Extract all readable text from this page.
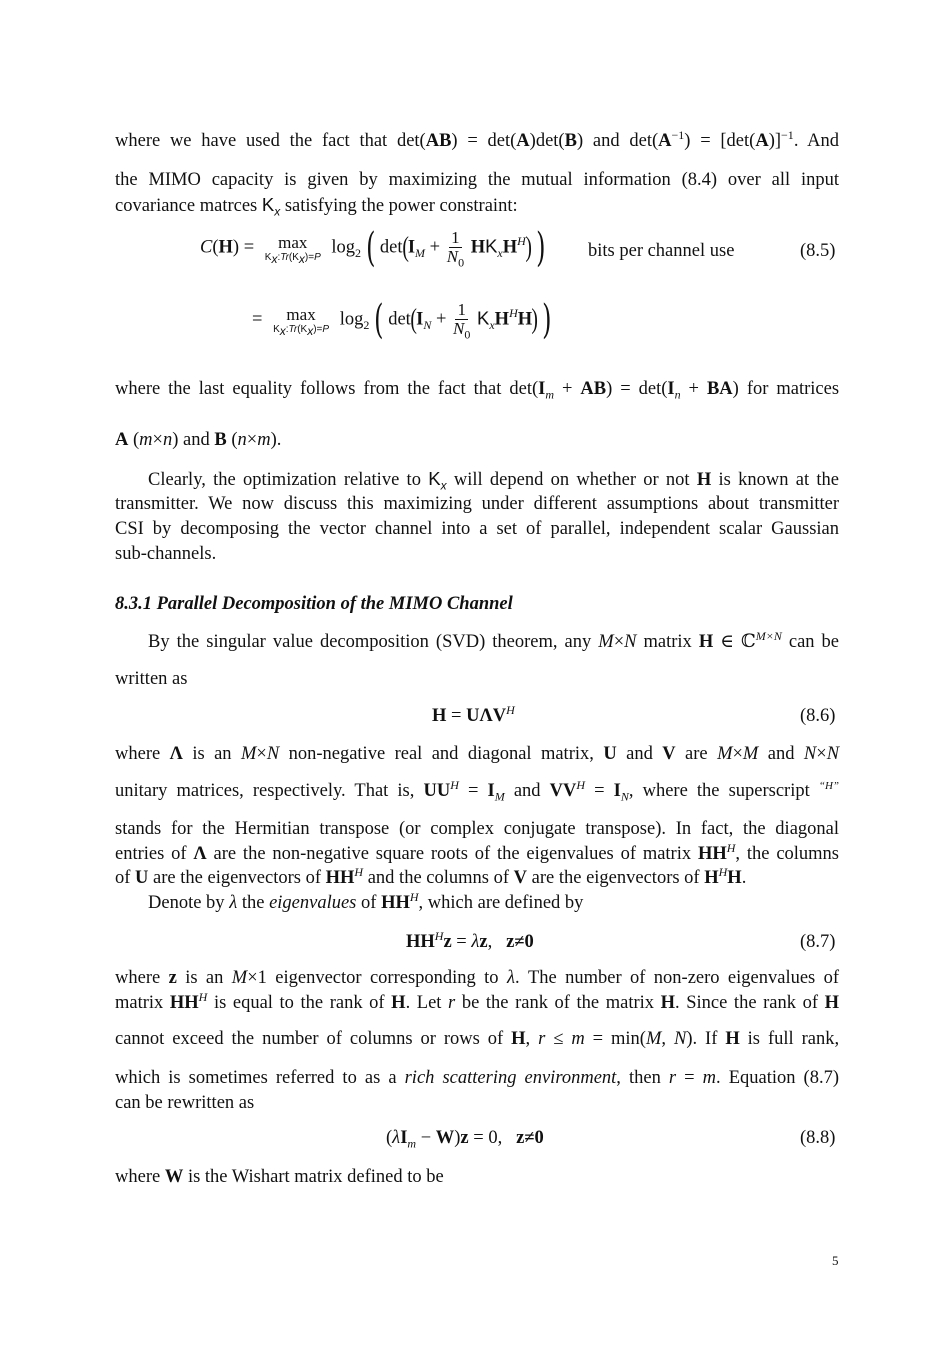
where we have used the fact that det(AB) = det(A)det(B) and $\det(A^{-1}) = [\det(A)]^{-1}$. And
the MIMO capacity is given by maximizing the mutual information (8.4) over all input
covariance matrces $K_x$ satisfying the power constraint:
C(H) = max
$K_x:Tr(K_x)=P$ $\log_2$ ( $\det(I_M + \frac{1}{N_0} HK_xH^H)$ ) bits per channel use	(8.5)
= max
$K_x:Tr(K_x)=P$ $\log_2$ ( $\det(I_N + \frac{1}{N_0} K_xH^HH)$ )
where the last equality follows from the fact that $\det(I_m + AB) = \det(I_n + BA)$ for matrices
A (m×n) and B (n×m).
Clearly, the optimization relative to $K_x$ will depend on whether or not H is known at the
transmitter. We now discuss this maximizing under different assumptions about transmitter
CSI by decomposing the vector channel into a set of parallel, independent scalar Gaussian
sub-channels.
8.3.1 Parallel Decomposition of the MIMO Channel
By the singular value decomposition (SVD) theorem, any M×N matrix H ∈ ℂ$^{M\times N}$ can be
written as
$H = U\Lambda V^H$	(8.6)
where Λ is an M×N non-negative real and diagonal matrix, U and V are M×M and N×N
unitary matrices, respectively. That is, $UU^H = I_M$ and $VV^H = I_N$, where the superscript $^{“H”}$
stands for the Hermitian transpose (or complex conjugate transpose). In fact, the diagonal
entries of Λ are the non-negative square roots of the eigenvalues of matrix $HH^H$, the columns
of U are the eigenvectors of $HH^H$ and the columns of V are the eigenvectors of $H^HH$.
Denote by λ the eigenvalues of $HH^H$, which are defined by
$HH^Hz = \lambda z$,   z≠0	(8.7)
where z is an M×1 eigenvector corresponding to λ. The number of non-zero eigenvalues of
matrix $HH^H$ is equal to the rank of H. Let r be the rank of the matrix H. Since the rank of H
cannot exceed the number of columns or rows of H, r ≤ m = min(M, N). If H is full rank,
which is sometimes referred to as a rich scattering environment, then r = m. Equation (8.7)
can be rewritten as
$(\lambda I_m - W)z = 0$,   z≠0	(8.8)
where W is the Wishart matrix defined to be
5
